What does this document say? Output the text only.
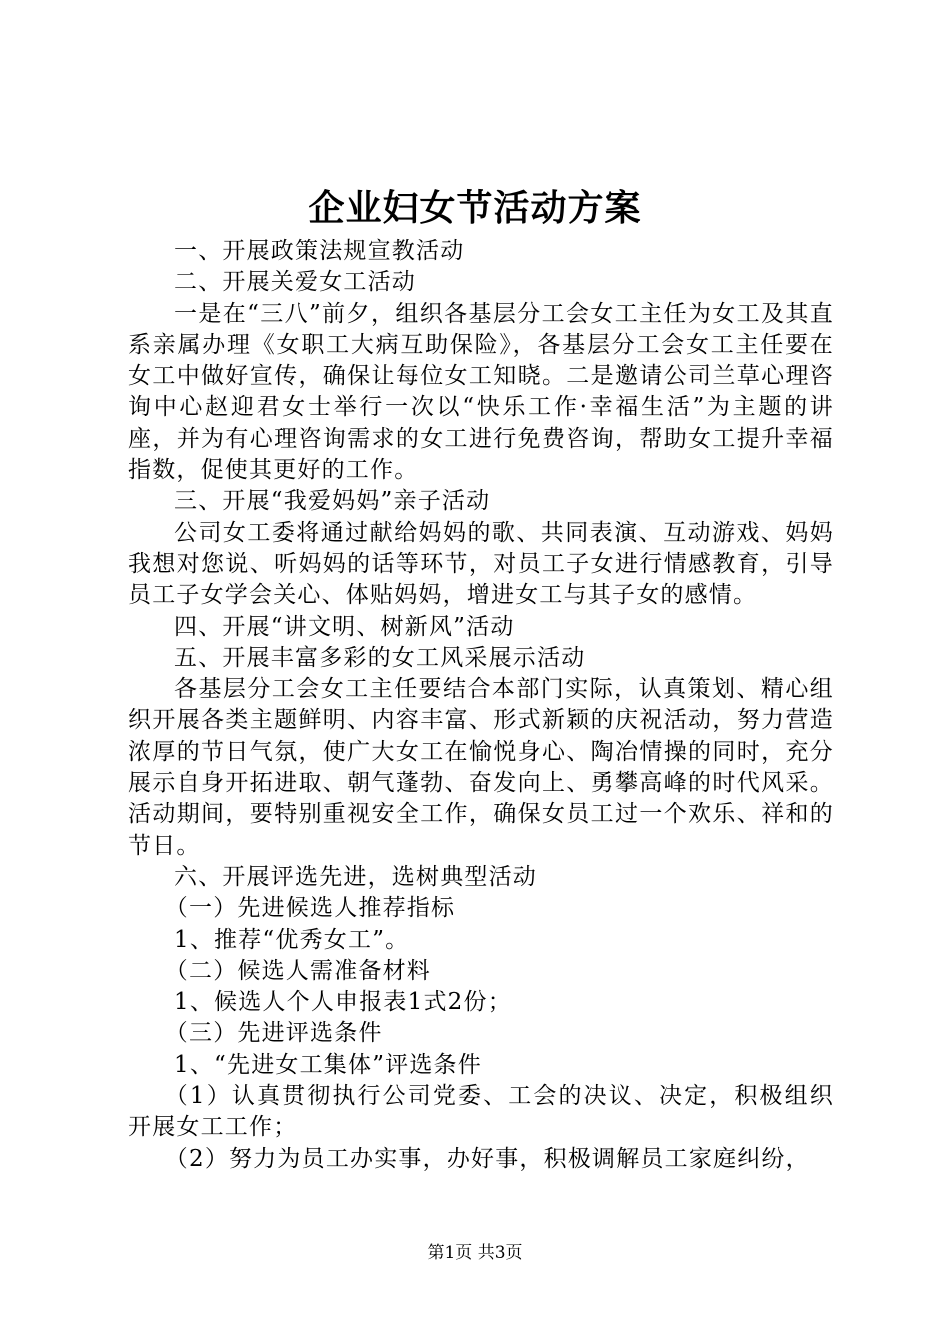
企业妇女节活动方案

一、开展政策法规宣教活动

二、开展关爱女工活动

一是在“三八”前夕，组织各基层分工会女工主任为女工及其直系亲属办理《女职工大病互助保险》，各基层分工会女工主任要在女工中做好宣传，确保让每位女工知晓。二是邀请公司兰草心理咨询中心赵迎君女士举行一次以“快乐工作·幸福生活”为主题的讲座，并为有心理咨询需求的女工进行免费咨询，帮助女工提升幸福指数，促使其更好的工作。

三、开展“我爱妈妈”亲子活动

公司女工委将通过献给妈妈的歌、共同表演、互动游戏、妈妈我想对您说、听妈妈的话等环节，对员工子女进行情感教育，引导员工子女学会关心、体贴妈妈，增进女工与其子女的感情。

四、开展“讲文明、树新风”活动

五、开展丰富多彩的女工风采展示活动

各基层分工会女工主任要结合本部门实际，认真策划、精心组织开展各类主题鲜明、内容丰富、形式新颖的庆祝活动，努力营造浓厚的节日气氛，使广大女工在愉悦身心、陶冶情操的同时，充分展示自身开拓进取、朝气蓬勃、奋发向上、勇攀高峰的时代风采。活动期间，要特别重视安全工作，确保女员工过一个欢乐、祥和的节日。

六、开展评选先进，选树典型活动

（一）先进候选人推荐指标

1、推荐“优秀女工”。

（二）候选人需准备材料

1、候选人个人申报表1式2份；

（三）先进评选条件

1、“先进女工集体”评选条件

（1）认真贯彻执行公司党委、工会的决议、决定，积极组织开展女工工作；

（2）努力为员工办实事，办好事，积极调解员工家庭纠纷，

第1页 共3页
